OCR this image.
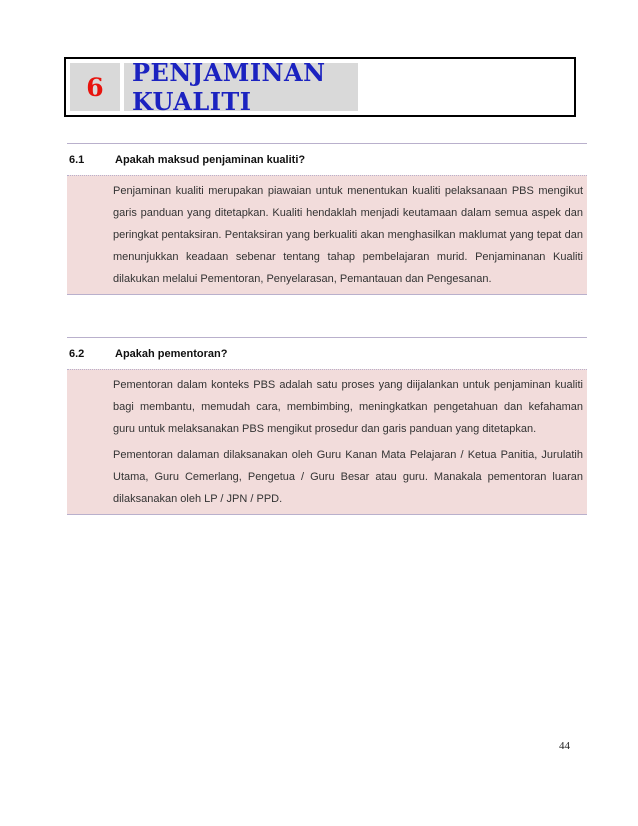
6	PENJAMINAN KUALITI
6.1	Apakah maksud penjaminan kualiti?

Penjaminan kualiti merupakan piawaian untuk menentukan kualiti pelaksanaan PBS mengikut garis panduan yang ditetapkan. Kualiti hendaklah menjadi keutamaan dalam semua aspek dan peringkat pentaksiran. Pentaksiran yang berkualiti akan menghasilkan maklumat yang tepat dan menunjukkan keadaan sebenar tentang tahap pembelajaran murid. Penjaminanan Kualiti dilakukan melalui Pementoran, Penyelarasan, Pemantauan dan Pengesanan.

6.2	Apakah pementoran?

Pementoran dalam konteks PBS adalah satu proses yang diijalankan untuk penjaminan kualiti bagi membantu, memudah cara, membimbing, meningkatkan pengetahuan dan kefahaman guru untuk melaksanakan PBS mengikut prosedur dan garis panduan yang ditetapkan.

Pementoran dalaman dilaksanakan oleh Guru Kanan Mata Pelajaran / Ketua Panitia, Jurulatih Utama, Guru Cemerlang, Pengetua / Guru Besar atau guru. Manakala pementoran luaran dilaksanakan oleh LP / JPN / PPD.

44
